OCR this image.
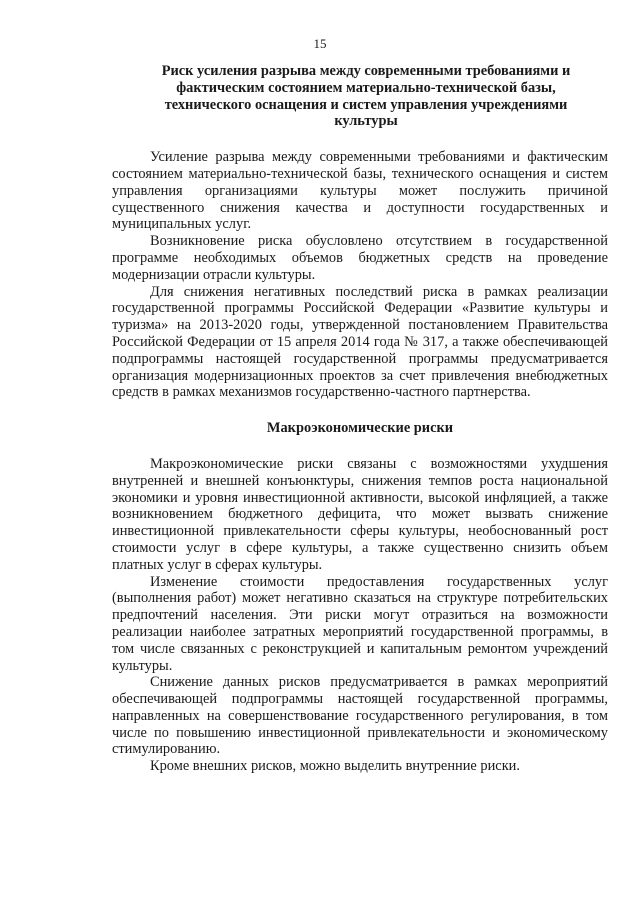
15
Риск усиления разрыва между современными требованиями и фактическим состоянием материально-технической базы, технического оснащения и систем управления учреждениями культуры

Усиление разрыва между современными требованиями и фактическим состоянием материально-технической базы, технического оснащения и систем управления организациями культуры может послужить причиной существенного снижения качества и доступности государственных и муниципальных услуг.

Возникновение риска обусловлено отсутствием в государственной программе необходимых объемов бюджетных средств на проведение модернизации отрасли культуры.

Для снижения негативных последствий риска в рамках реализации государственной программы Российской Федерации «Развитие культуры и туризма» на 2013-2020 годы, утвержденной постановлением Правительства Российской Федерации от 15 апреля 2014 года № 317, а также обеспечивающей подпрограммы настоящей государственной программы предусматривается организация модернизационных проектов за счет привлечения внебюджетных средств в рамках механизмов государственно-частного партнерства.

Макроэкономические риски

Макроэкономические риски связаны с возможностями ухудшения внутренней и внешней конъюнктуры, снижения темпов роста национальной экономики и уровня инвестиционной активности, высокой инфляцией, а также возникновением бюджетного дефицита, что может вызвать снижение инвестиционной привлекательности сферы культуры, необоснованный рост стоимости услуг в сфере культуры, а также существенно снизить объем платных услуг в сферах культуры.

Изменение стоимости предоставления государственных услуг (выполнения работ) может негативно сказаться на структуре потребительских предпочтений населения. Эти риски могут отразиться на возможности реализации наиболее затратных мероприятий государственной программы, в том числе связанных с реконструкцией и капитальным ремонтом учреждений культуры.

Снижение данных рисков предусматривается в рамках мероприятий обеспечивающей подпрограммы настоящей государственной программы, направленных на совершенствование государственного регулирования, в том числе по повышению инвестиционной привлекательности и экономическому стимулированию.

Кроме внешних рисков, можно выделить внутренние риски.
